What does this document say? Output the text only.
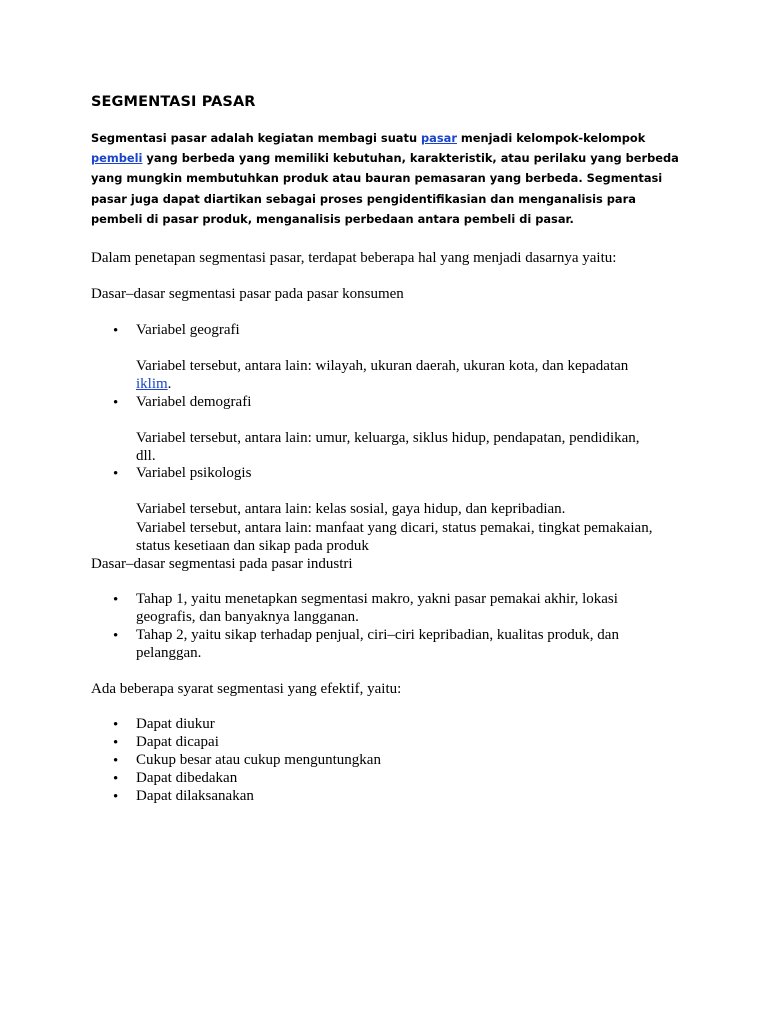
SEGMENTASI PASAR

Segmentasi pasar adalah kegiatan membagi suatu pasar menjadi kelompok-kelompok pembeli yang berbeda yang memiliki kebutuhan, karakteristik, atau perilaku yang berbeda yang mungkin membutuhkan produk atau bauran pemasaran yang berbeda. Segmentasi pasar juga dapat diartikan sebagai proses pengidentifikasian dan menganalisis para pembeli di pasar produk, menganalisis perbedaan antara pembeli di pasar.

Dalam penetapan segmentasi pasar, terdapat beberapa hal yang menjadi dasarnya yaitu:

Dasar–dasar segmentasi pasar pada pasar konsumen

• Variabel geografi

Variabel tersebut, antara lain: wilayah, ukuran daerah, ukuran kota, dan kepadatan iklim.

• Variabel demografi

Variabel tersebut, antara lain: umur, keluarga, siklus hidup, pendapatan, pendidikan, dll.

• Variabel psikologis

Variabel tersebut, antara lain: kelas sosial, gaya hidup, dan kepribadian.

Variabel tersebut, antara lain: manfaat yang dicari, status pemakai, tingkat pemakaian, status kesetiaan dan sikap pada produk

Dasar–dasar segmentasi pada pasar industri

• Tahap 1, yaitu menetapkan segmentasi makro, yakni pasar pemakai akhir, lokasi geografis, dan banyaknya langganan.

• Tahap 2, yaitu sikap terhadap penjual, ciri–ciri kepribadian, kualitas produk, dan pelanggan.

Ada beberapa syarat segmentasi yang efektif, yaitu:

• Dapat diukur

• Dapat dicapai

• Cukup besar atau cukup menguntungkan

• Dapat dibedakan

• Dapat dilaksanakan
